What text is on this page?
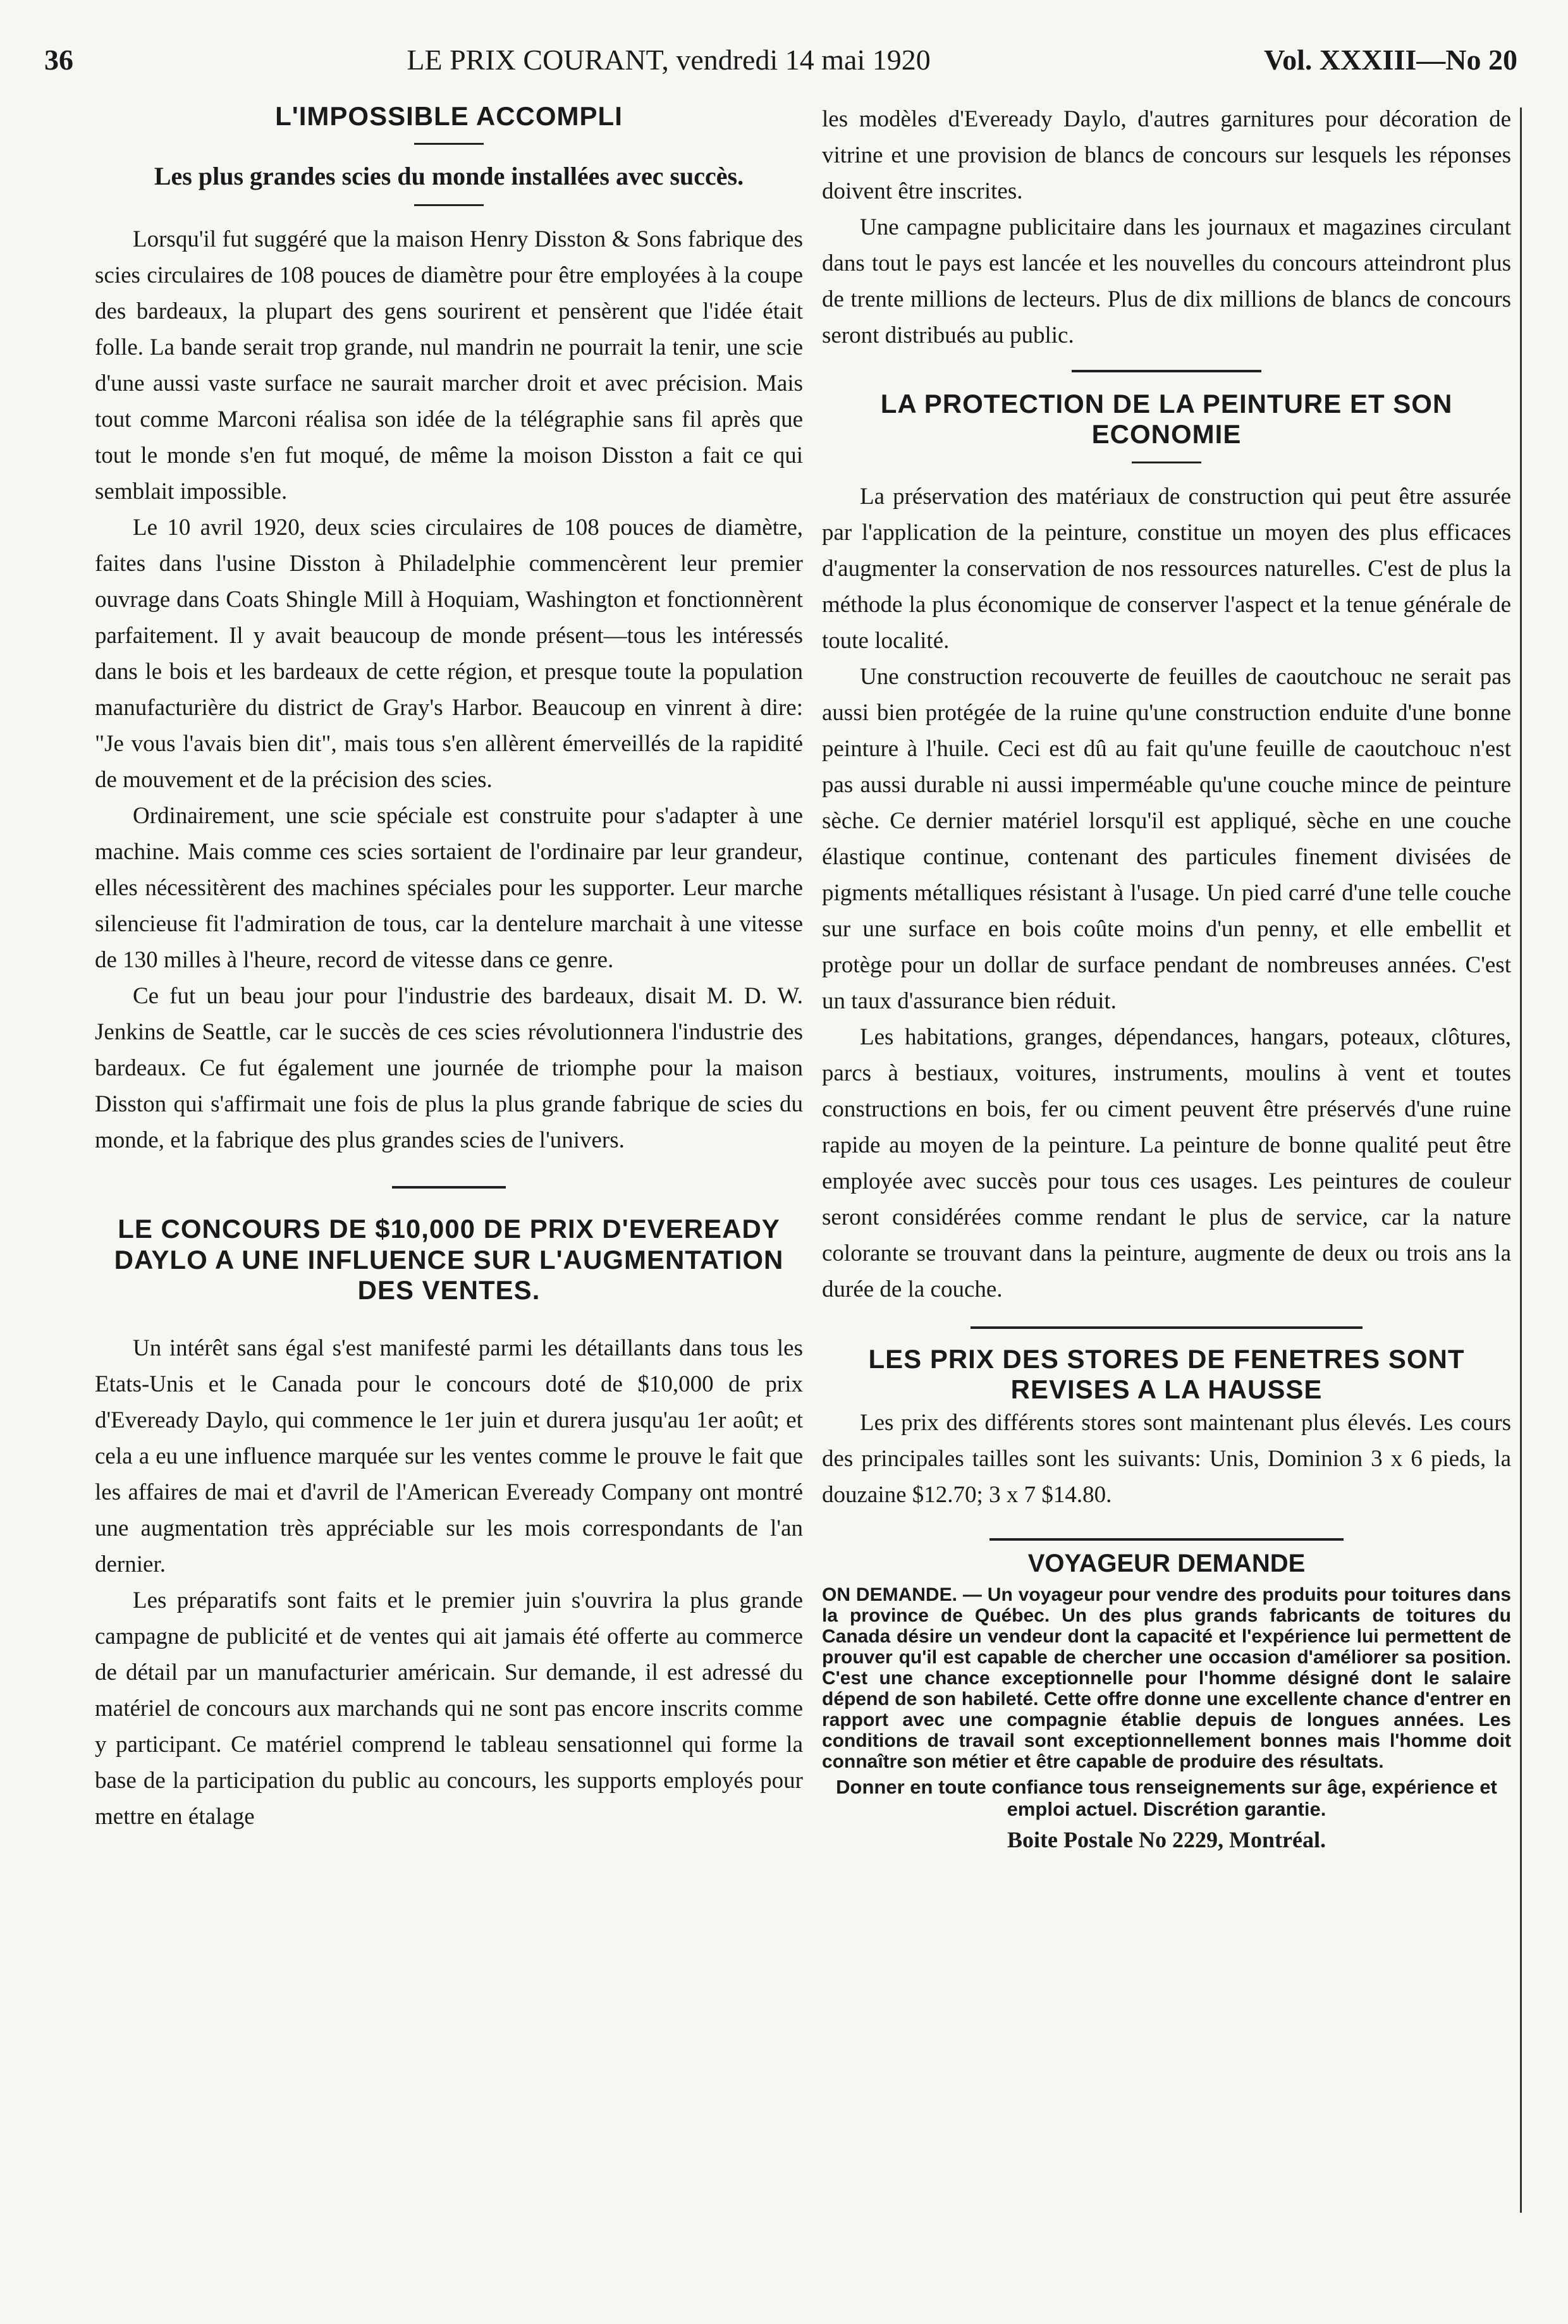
36	LE PRIX COURANT, vendredi 14 mai 1920	Vol. XXXIII—No 20
L'IMPOSSIBLE ACCOMPLI
Les plus grandes scies du monde installées avec succès.

Lorsqu'il fut suggéré que la maison Henry Disston & Sons fabrique des scies circulaires de 108 pouces de diamètre pour être employées à la coupe des bardeaux, la plupart des gens sourirent et pensèrent que l'idée était folle. La bande serait trop grande, nul mandrin ne pourrait la tenir, une scie d'une aussi vaste surface ne saurait marcher droit et avec précision. Mais tout comme Marconi réalisa son idée de la télégraphie sans fil après que tout le monde s'en fut moqué, de même la moison Disston a fait ce qui semblait impossible.

Le 10 avril 1920, deux scies circulaires de 108 pouces de diamètre, faites dans l'usine Disston à Philadelphie commencèrent leur premier ouvrage dans Coats Shingle Mill à Hoquiam, Washington et fonctionnèrent parfaitement. Il y avait beaucoup de monde présent—tous les intéressés dans le bois et les bardeaux de cette région, et presque toute la population manufacturière du district de Gray's Harbor. Beaucoup en vinrent à dire: "Je vous l'avais bien dit", mais tous s'en allèrent émerveillés de la rapidité de mouvement et de la précision des scies.

Ordinairement, une scie spéciale est construite pour s'adapter à une machine. Mais comme ces scies sortaient de l'ordinaire par leur grandeur, elles nécessitèrent des machines spéciales pour les supporter. Leur marche silencieuse fit l'admiration de tous, car la dentelure marchait à une vitesse de 130 milles à l'heure, record de vitesse dans ce genre.

Ce fut un beau jour pour l'industrie des bardeaux, disait M. D. W. Jenkins de Seattle, car le succès de ces scies révolutionnera l'industrie des bardeaux. Ce fut également une journée de triomphe pour la maison Disston qui s'affirmait une fois de plus la plus grande fabrique de scies du monde, et la fabrique des plus grandes scies de l'univers.

LE CONCOURS DE $10,000 DE PRIX D'EVEREADY DAYLO A UNE INFLUENCE SUR L'AUGMENTATION DES VENTES.

Un intérêt sans égal s'est manifesté parmi les détaillants dans tous les Etats-Unis et le Canada pour le concours doté de $10,000 de prix d'Eveready Daylo, qui commence le 1er juin et durera jusqu'au 1er août; et cela a eu une influence marquée sur les ventes comme le prouve le fait que les affaires de mai et d'avril de l'American Eveready Company ont montré une augmentation très appréciable sur les mois correspondants de l'an dernier.

Les préparatifs sont faits et le premier juin s'ouvrira la plus grande campagne de publicité et de ventes qui ait jamais été offerte au commerce de détail par un manufacturier américain. Sur demande, il est adressé du matériel de concours aux marchands qui ne sont pas encore inscrits comme y participant. Ce matériel comprend le tableau sensationnel qui forme la base de la participation du public au concours, les supports employés pour mettre en étalage

les modèles d'Eveready Daylo, d'autres garnitures pour décoration de vitrine et une provision de blancs de concours sur lesquels les réponses doivent être inscrites.

Une campagne publicitaire dans les journaux et magazines circulant dans tout le pays est lancée et les nouvelles du concours atteindront plus de trente millions de lecteurs. Plus de dix millions de blancs de concours seront distribués au public.

LA PROTECTION DE LA PEINTURE ET SON ECONOMIE

La préservation des matériaux de construction qui peut être assurée par l'application de la peinture, constitue un moyen des plus efficaces d'augmenter la conservation de nos ressources naturelles. C'est de plus la méthode la plus économique de conserver l'aspect et la tenue générale de toute localité.

Une construction recouverte de feuilles de caoutchouc ne serait pas aussi bien protégée de la ruine qu'une construction enduite d'une bonne peinture à l'huile. Ceci est dû au fait qu'une feuille de caoutchouc n'est pas aussi durable ni aussi imperméable qu'une couche mince de peinture sèche. Ce dernier matériel lorsqu'il est appliqué, sèche en une couche élastique continue, contenant des particules finement divisées de pigments métalliques résistant à l'usage. Un pied carré d'une telle couche sur une surface en bois coûte moins d'un penny, et elle embellit et protège pour un dollar de surface pendant de nombreuses années. C'est un taux d'assurance bien réduit.

Les habitations, granges, dépendances, hangars, poteaux, clôtures, parcs à bestiaux, voitures, instruments, moulins à vent et toutes constructions en bois, fer ou ciment peuvent être préservés d'une ruine rapide au moyen de la peinture. La peinture de bonne qualité peut être employée avec succès pour tous ces usages. Les peintures de couleur seront considérées comme rendant le plus de service, car la nature colorante se trouvant dans la peinture, augmente de deux ou trois ans la durée de la couche.

LES PRIX DES STORES DE FENETRES SONT REVISES A LA HAUSSE

Les prix des différents stores sont maintenant plus élevés. Les cours des principales tailles sont les suivants: Unis, Dominion 3 x 6 pieds, la douzaine $12.70; 3 x 7 $14.80.

VOYAGEUR DEMANDE

ON DEMANDE. — Un voyageur pour vendre des produits pour toitures dans la province de Québec. Un des plus grands fabricants de toitures du Canada désire un vendeur dont la capacité et l'expérience lui permettent de prouver qu'il est capable de chercher une occasion d'améliorer sa position. C'est une chance exceptionnelle pour l'homme désigné dont le salaire dépend de son habileté. Cette offre donne une excellente chance d'entrer en rapport avec une compagnie établie depuis de longues années. Les conditions de travail sont exceptionnellement bonnes mais l'homme doit connaître son métier et être capable de produire des résultats.

Donner en toute confiance tous renseignements sur âge, expérience et emploi actuel. Discrétion garantie.

Boite Postale No 2229, Montréal.
